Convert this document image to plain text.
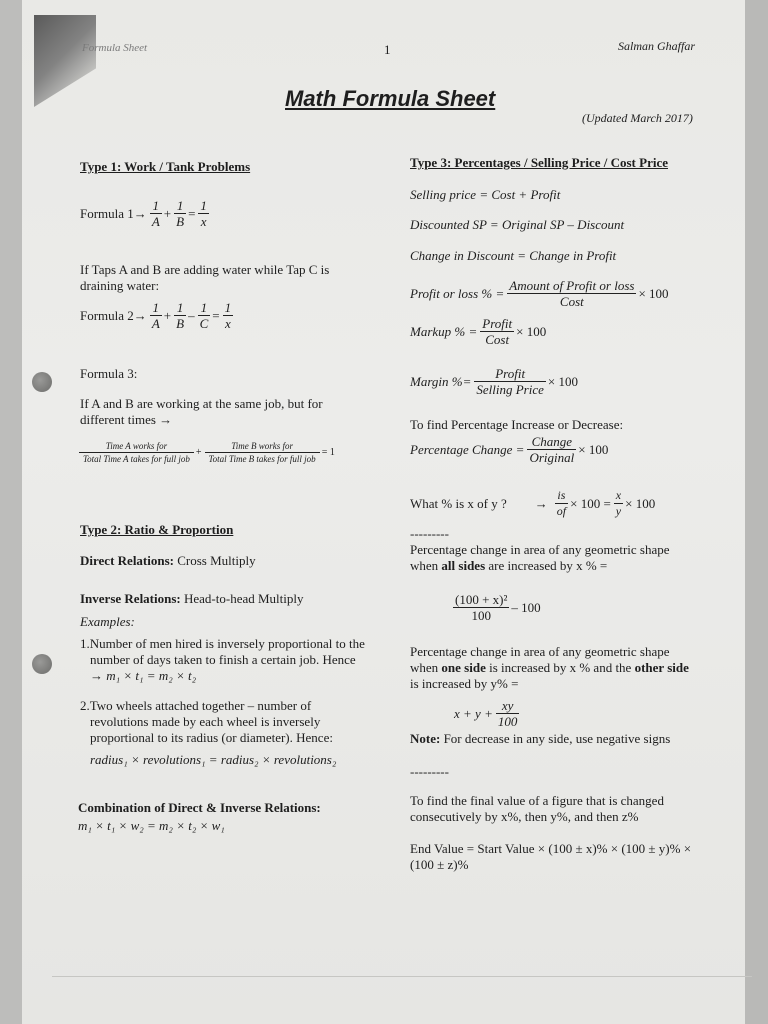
Formula Sheet	1	Salman Ghaffar
Math Formula Sheet
(Updated March 2017)
Type 1: Work / Tank Problems
Formula $1\to \frac{1}{A} + \frac{1}{B} = \frac{1}{x}$
If Taps A and B are adding water while Tap C is
draining water:
Formula $2\to \frac{1}{A} + \frac{1}{B} - \frac{1}{C} = \frac{1}{x}$
Formula 3:
If A and B are working at the same job, but for
different times →
$\frac{\text{Time A works for}}{\text{Total Time A takes for full job}} + \frac{\text{Time B works for}}{\text{Total Time B takes for full job}} = 1$
Type 2: Ratio & Proportion
Direct Relations: Cross Multiply
Inverse Relations: Head-to-head Multiply
Examples:
1.Number of men hired is inversely proportional to the
number of days taken to finish a certain job. Hence
→ m₁ × t₁ = m₂ × t₂
2.Two wheels attached together – number of
revolutions made by each wheel is inversely
proportional to its radius (or diameter). Hence:
radius₁ × revolutions₁ = radius₂ × revolutions₂
Combination of Direct & Inverse Relations:
m₁ × t₁ × w₂ = m₂ × t₂ × w₁
Type 3: Percentages / Selling Price / Cost Price
Selling price = Cost + Profit
Discounted SP = Original SP – Discount
Change in Discount = Change in Profit
Profit or loss % = $\frac{\text{Amount of Profit or loss}}{\text{Cost}} \times 100$
Markup % = $\frac{\text{Profit}}{\text{Cost}} \times 100$
Margin %= $\frac{\text{Profit}}{\text{Selling Price}} \times 100$
To find Percentage Increase or Decrease:
Percentage Change = $\frac{\text{Change}}{\text{Original}} \times 100$
What % is x of y ? → $\frac{is}{of} \times 100 = \frac{x}{y} \times 100$
---------
Percentage change in area of any geometric shape
when all sides are increased by x % =
$\frac{\text{(100 + x)²}}{100} - 100$
Percentage change in area of any geometric shape
when one side is increased by x % and the other side
is increased by y% =
$x + y + \frac{xy}{100}$
Note: For decrease in any side, use negative signs
---------
To find the final value of a figure that is changed
consecutively by x%, then y%, and then z%
End Value = Start Value × (100 ± x)% × (100 ± y)% ×
(100 ± z)%
